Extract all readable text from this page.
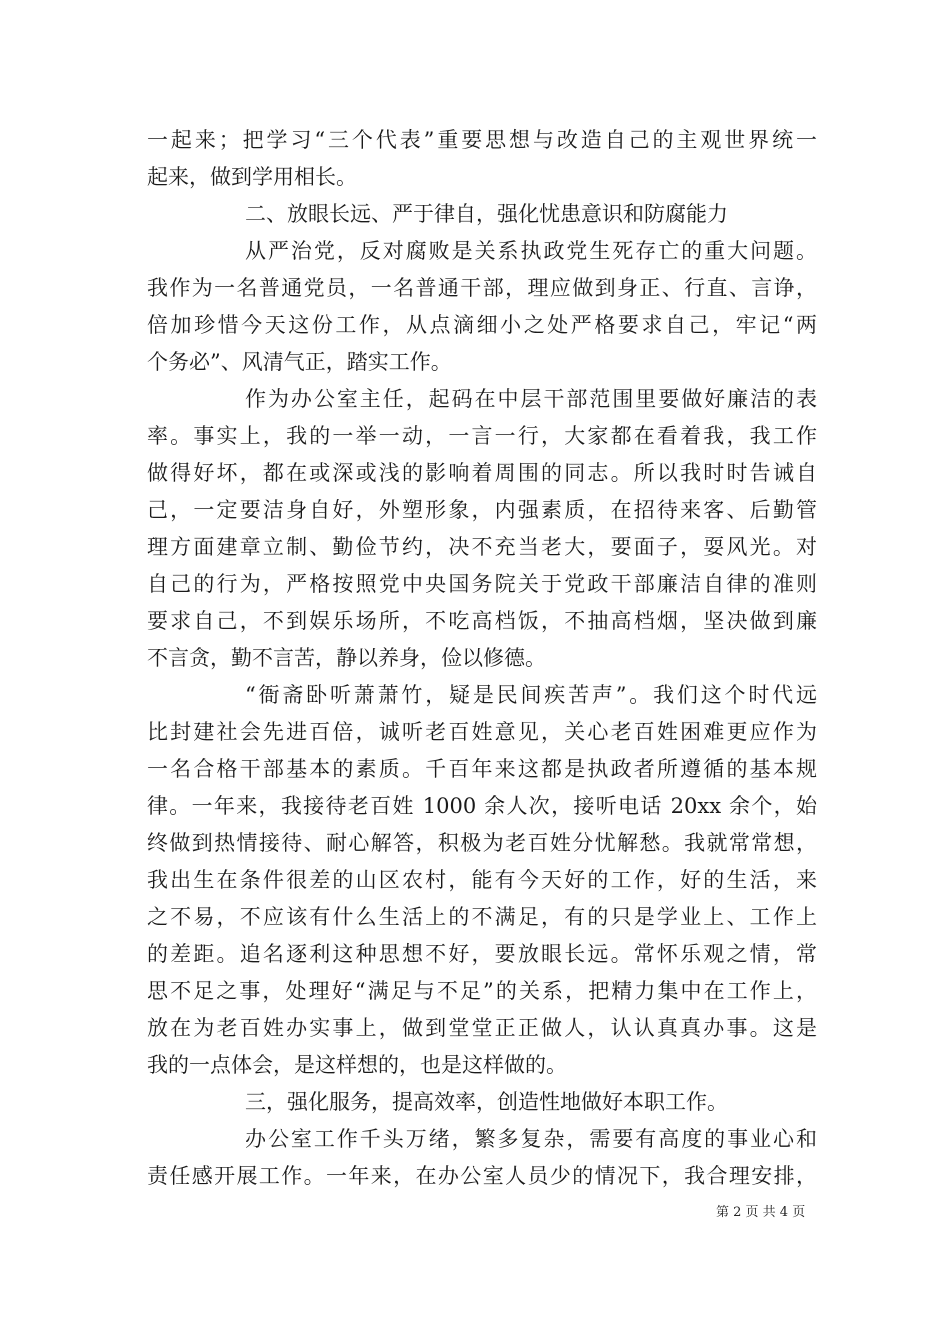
一起来；把学习“三个代表”重要思想与改造自己的主观世界统一
起来，做到学用相长。
二、放眼长远、严于律自，强化忧患意识和防腐能力
从严治党，反对腐败是关系执政党生死存亡的重大问题。
我作为一名普通党员，一名普通干部，理应做到身正、行直、言诤，
倍加珍惜今天这份工作，从点滴细小之处严格要求自己，牢记“两
个务必”、风清气正，踏实工作。
作为办公室主任，起码在中层干部范围里要做好廉洁的表
率。事实上，我的一举一动，一言一行，大家都在看着我，我工作
做得好坏，都在或深或浅的影响着周围的同志。所以我时时告诫自
己，一定要洁身自好，外塑形象，内强素质，在招待来客、后勤管
理方面建章立制、勤俭节约，决不充当老大，要面子，耍风光。对
自己的行为，严格按照党中央国务院关于党政干部廉洁自律的准则
要求自己，不到娱乐场所，不吃高档饭，不抽高档烟，坚决做到廉
不言贪，勤不言苦，静以养身，俭以修德。
“衙斋卧听萧萧竹，疑是民间疾苦声”。我们这个时代远
比封建社会先进百倍，诚听老百姓意见，关心老百姓困难更应作为
一名合格干部基本的素质。千百年来这都是执政者所遵循的基本规
律。一年来，我接待老百姓 1000 余人次，接听电话 20xx 余个，始
终做到热情接待、耐心解答，积极为老百姓分忧解愁。我就常常想，
我出生在条件很差的山区农村，能有今天好的工作，好的生活，来
之不易，不应该有什么生活上的不满足，有的只是学业上、工作上
的差距。追名逐利这种思想不好，要放眼长远。常怀乐观之情，常
思不足之事，处理好“满足与不足”的关系，把精力集中在工作上，
放在为老百姓办实事上，做到堂堂正正做人，认认真真办事。这是
我的一点体会，是这样想的，也是这样做的。
三，强化服务，提高效率，创造性地做好本职工作。
办公室工作千头万绪，繁多复杂，需要有高度的事业心和
责任感开展工作。一年来，在办公室人员少的情况下，我合理安排，
第 2 页 共 4 页
